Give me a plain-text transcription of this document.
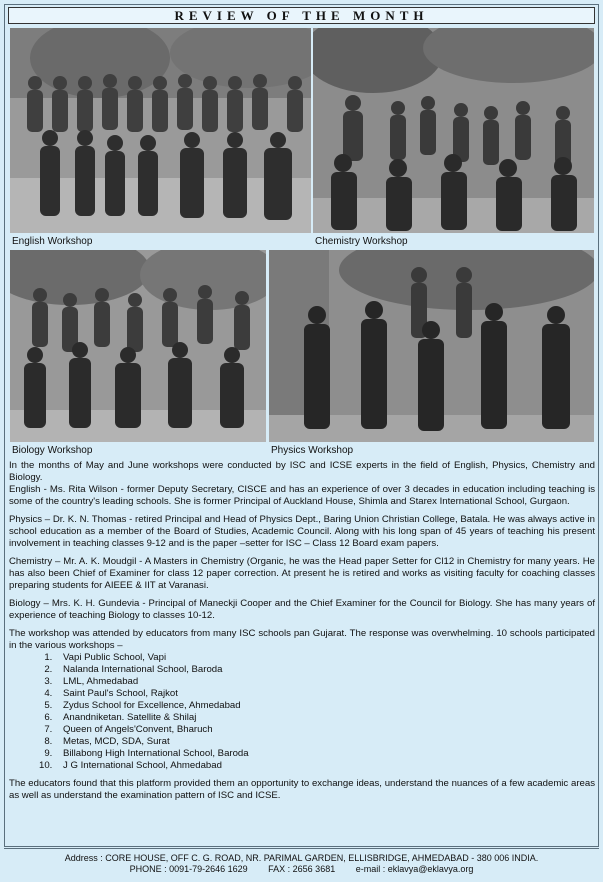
REVIEW OF THE MONTH
English Workshop	Chemistry Workshop
Biology Workshop	Physics Workshop

In the months of May and June workshops were conducted by ISC and ICSE experts in the field of English, Physics, Chemistry and Biology.

English - Ms. Rita Wilson - former Deputy Secretary, CISCE and has an experience of over 3 decades in education including teaching is some of the country's leading schools. She is former Principal of Auckland House, Shimla and Starex International School, Gurgaon.

Physics – Dr. K. N. Thomas - retired Principal and Head of Physics Dept., Baring Union Christian College, Batala. He was always active in school education as a member of the Board of Studies, Academic Council. Along with his long span of 45 years of teaching his present involvement in teaching classes 9-12 and is the paper –setter for ISC – Class 12 Board exam papers.

Chemistry – Mr. A. K. Moudgil - A Masters in Chemistry (Organic, he was the Head paper Setter for Cl12 in Chemistry for many years. He has also been Chief of Examiner for class 12 paper correction. At present he is retired and works as visiting faculty for coaching classes preparing students for AIEEE & IIT at Varanasi.

Biology – Mrs. K. H. Gundevia - Principal of Maneckji Cooper and the Chief Examiner for the Council for Biology. She has many years of experience of teaching Biology to classes 10-12.

The workshop was attended by educators from many ISC schools pan Gujarat. The response was overwhelming. 10 schools participated in the various workshops –

1. Vapi Public School, Vapi
2. Nalanda International School, Baroda
3. LML, Ahmedabad
4. Saint Paul's School, Rajkot
5. Zydus School for Excellence, Ahmedabad
6. Anandniketan. Satellite & Shilaj
7. Queen of Angels'Convent, Bharuch
8. Metas, MCD, SDA, Surat
9. Billabong High International School, Baroda
10. J G International School, Ahmedabad

The educators found that this platform provided them an opportunity to exchange ideas, understand the nuances of a few academic areas as well as understand the examination pattern of ISC and ICSE.

Address : CORE HOUSE, OFF C. G. ROAD, NR. PARIMAL GARDEN, ELLISBRIDGE, AHMEDABAD - 380 006 INDIA.
PHONE : 0091-79-2646 1629 FAX : 2656 3681 e-mail : eklavya@eklavya.org
